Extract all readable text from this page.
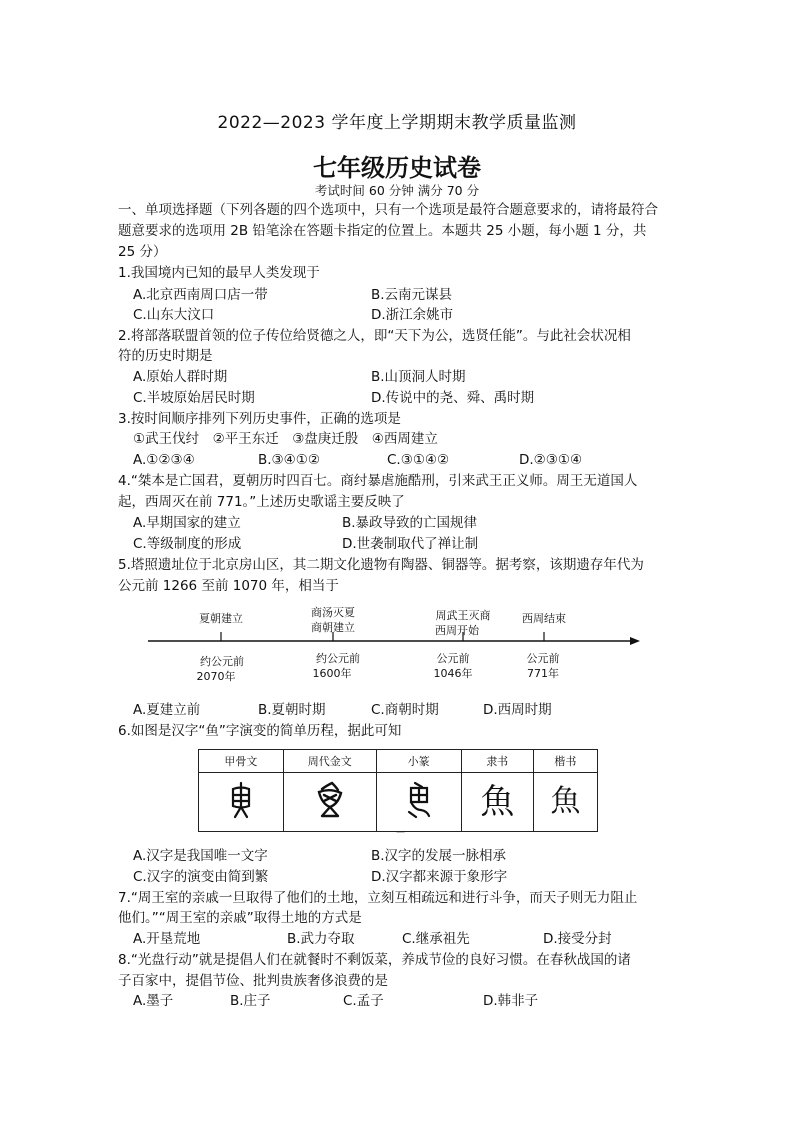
2022—2023 学年度上学期期末教学质量监测
七年级历史试卷
考试时间 60 分钟 满分 70 分
一、单项选择题（下列各题的四个选项中，只有一个选项是最符合题意要求的，请将最符合
题意要求的选项用 2B 铅笔涂在答题卡指定的位置上。本题共 25 小题，每小题 1 分，共
25 分）
1.我国境内已知的最早人类发现于
A.北京西南周口店一带	B.云南元谋县
C.山东大汶口	D.浙江余姚市
2.将部落联盟首领的位子传位给贤德之人，即“天下为公，选贤任能”。与此社会状况相
符的历史时期是
A.原始人群时期	B.山顶洞人时期
C.半坡原始居民时期	D.传说中的尧、舜、禹时期
3.按时间顺序排列下列历史事件，正确的选项是
①武王伐纣　②平王东迁　③盘庚迁殷　④西周建立
A.①②③④	B.③④①②	C.③①④②	D.②③①④
4.“桀本是亡国君，夏朝历时四百七。商纣暴虐施酷刑，引来武王正义师。周王无道国人
起，西周灭在前 771。”上述历史歌谣主要反映了
A.早期国家的建立	B.暴政导致的亡国规律
C.等级制度的形成	D.世袭制取代了禅让制
5.塔照遗址位于北京房山区，其二期文化遗物有陶器、铜器等。据考察，该期遗存年代为
公元前 1266 至前 1070 年，相当于
夏朝建立	商汤灭夏
商朝建立
周武王灭商
西周开始
西周结束
约公元前
2070年
约公元前
1600年
公元前
1046年
公元前
771年
A.夏建立前	B.夏朝时期	C.商朝时期	D.西周时期
6.如图是汉字“鱼”字演变的简单历程，据此可知
甲骨文	周代金文	小篆	隶书	楷书
			魚	魚
一
A.汉字是我国唯一文字	B.汉字的发展一脉相承
C.汉字的演变由简到繁	D.汉字都来源于象形字
7.“周王室的亲戚一旦取得了他们的土地，立刻互相疏远和进行斗争，而天子则无力阻止
他们。”“周王室的亲戚”取得土地的方式是
A.开垦荒地	B.武力夺取	C.继承祖先	D.接受分封
8.“光盘行动”就是提倡人们在就餐时不剩饭菜，养成节俭的良好习惯。在春秋战国的诸
子百家中，提倡节俭、批判贵族奢侈浪费的是
A.墨子	B.庄子	C.孟子	D.韩非子
